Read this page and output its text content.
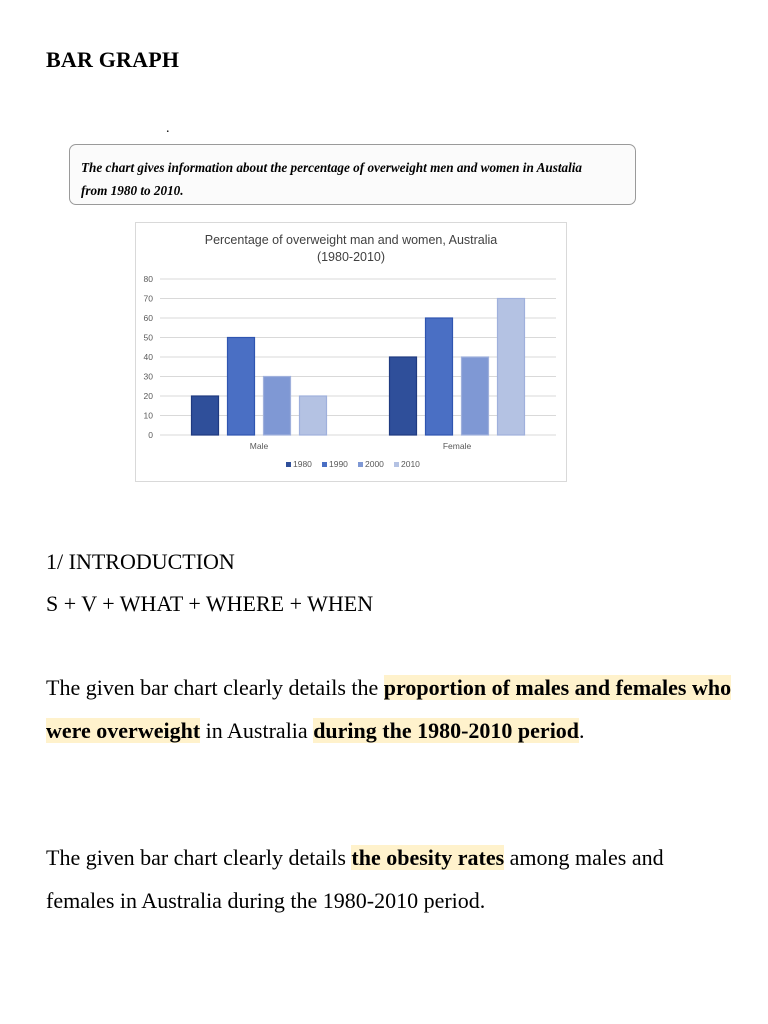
BAR GRAPH
.
The chart gives information about the percentage of overweight men and women in Austalia
from 1980 to 2010.
Percentage of overweight man and women, Australia
(1980-2010)
0
10
20
30
40
50
60
70
80
Male	Female
1980 1990 2000 2010
1/ INTRODUCTION
S + V + WHAT + WHERE + WHEN
The given bar chart clearly details the proportion of males and females who were overweight in Australia during the 1980-2010 period.
The given bar chart clearly details the obesity rates among males and females in Australia during the 1980-2010 period.
